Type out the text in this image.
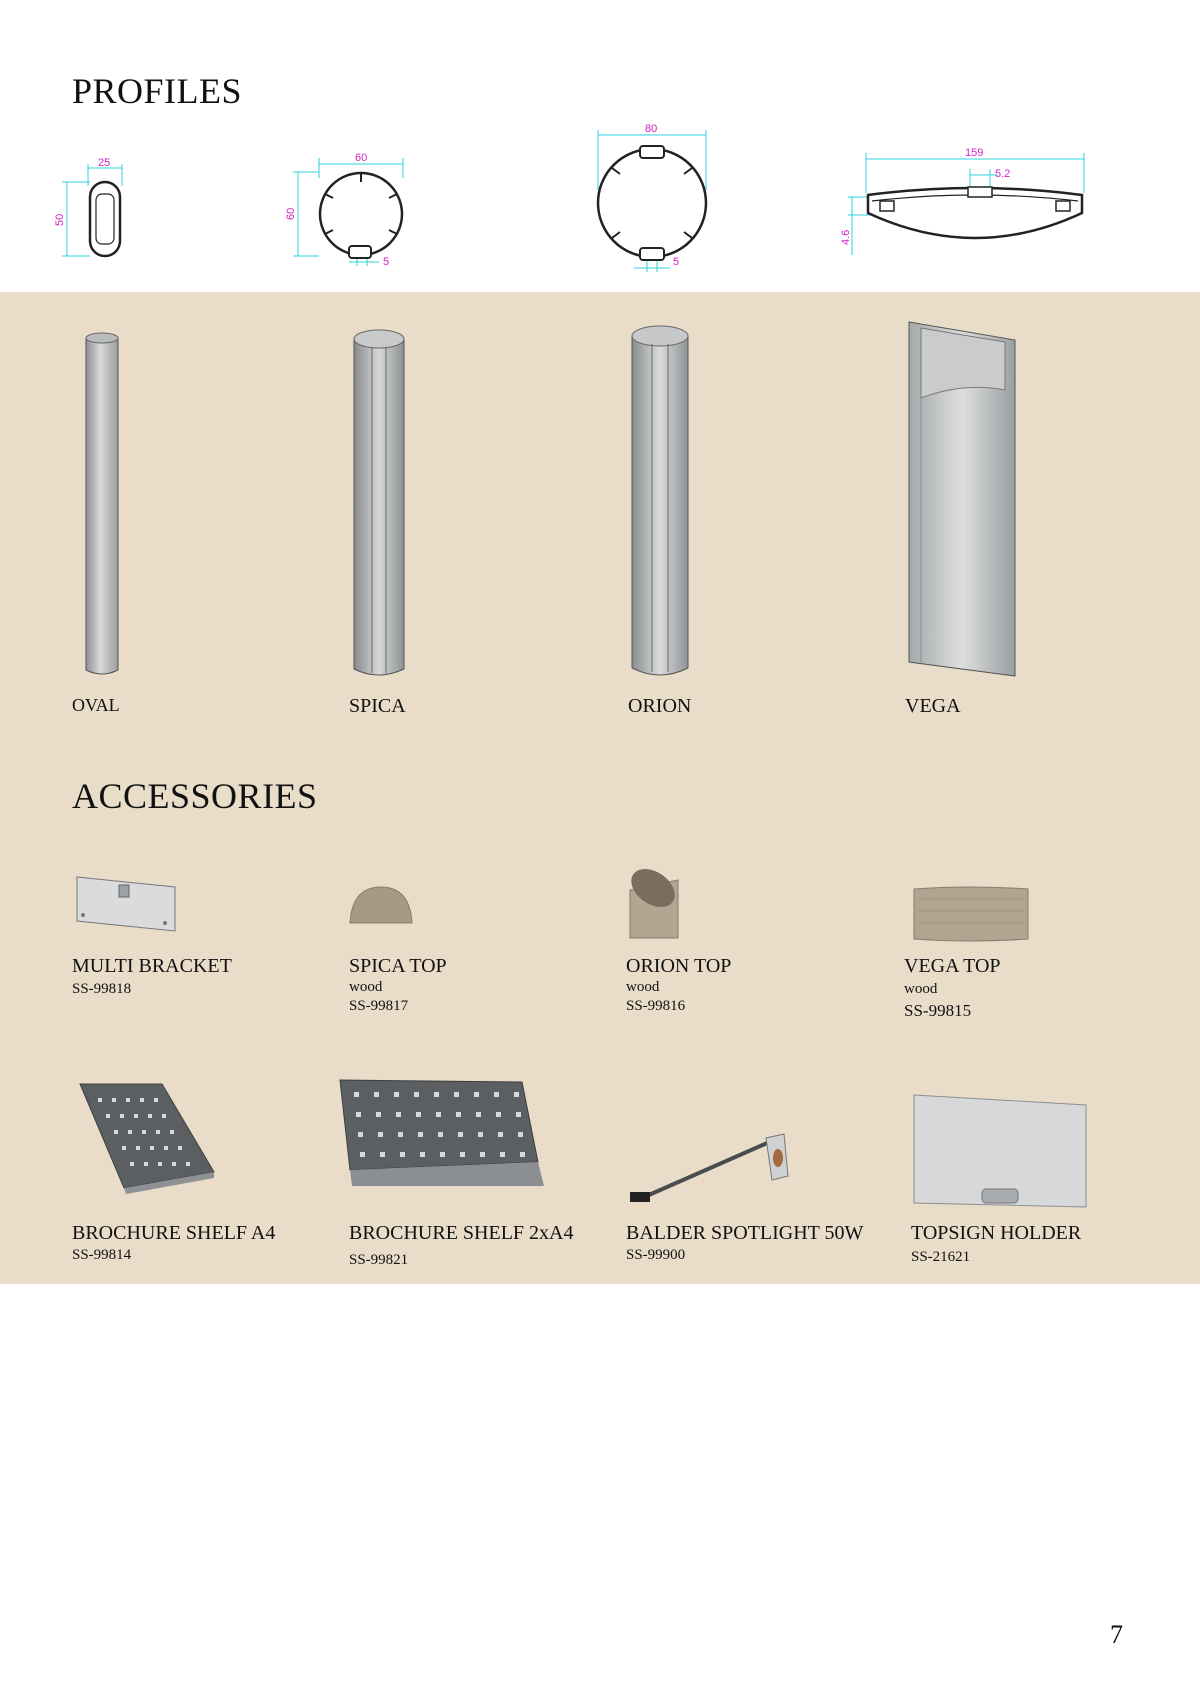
PROFILES
25
50
60
60
5
80
5
159
5.2
4.6
OVAL	SPICA	ORION	VEGA
ACCESSORIES
MULTI BRACKET
SS-99818
SPICA TOP
wood
SS-99817
ORION TOP
wood
SS-99816
VEGA TOP
wood
SS-99815
BROCHURE SHELF A4
SS-99814
BROCHURE SHELF 2xA4
SS-99821
BALDER SPOTLIGHT 50W
SS-99900
TOPSIGN HOLDER
SS-21621
7
